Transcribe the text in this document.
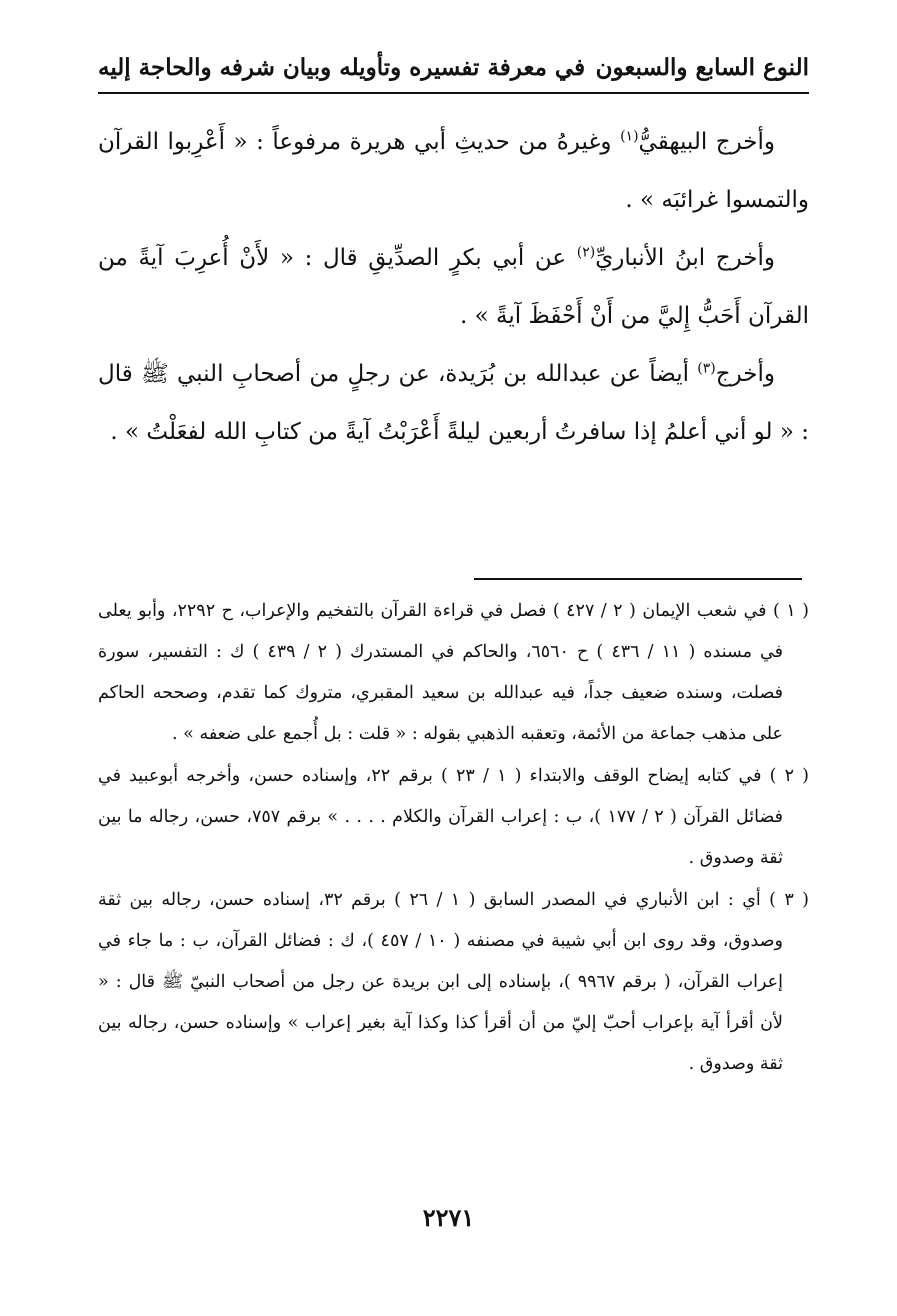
النوع السابع والسبعون
في معرفة تفسيره وتأويله وبيان شرفه والحاجة إليه

وأخرج البيهقيُّ$^{(١)}$ وغيرهُ من حديثِ أبي هريرة مرفوعاً : « أَعْرِبوا القرآن والتمسوا غرائبَه » .

وأخرج ابنُ الأنباريِّ$^{(٢)}$ عن أبي بكرٍ الصدِّيقِ قال : « لأَنْ أُعرِبَ آيةً من القرآن أَحَبُّ إِليَّ من أَنْ أَحْفَظَ آيةً » .

وأخرج$^{(٣)}$ أيضاً عن عبدالله بن بُرَيدة، عن رجلٍ من أصحابِ النبي ﷺ قال : « لو أني أعلمُ إذا سافرتُ أربعين ليلةً أَعْرَبْتُ آيةً من كتابِ الله لفعَلْتُ » .

( ١ ) في شعب الإيمان ( ٢ / ٤٢٧ ) فصل في قراءة القرآن بالتفخيم والإعراب، ح ٢٢٩٢، وأبو يعلى في مسنده ( ١١ / ٤٣٦ ) ح ٦٥٦٠، والحاكم في المستدرك ( ٢ / ٤٣٩ ) ك : التفسير، سورة فصلت، وسنده ضعيف جداً، فيه عبدالله بن سعيد المقبري، متروك كما تقدم، وصححه الحاكم على مذهب جماعة من الأئمة، وتعقبه الذهبي بقوله : « قلت : بل أُجمع على ضعفه » .

( ٢ ) في كتابه إيضاح الوقف والابتداء ( ١ / ٢٣ ) برقم ٢٢، وإسناده حسن، وأخرجه أبوعبيد في فضائل القرآن ( ٢ / ١٧٧ )، ب : إعراب القرآن والكلام . . . . » برقم ٧٥٧، حسن، رجاله ما بين ثقة وصدوق .

( ٣ ) أي : ابن الأنباري في المصدر السابق ( ١ / ٢٦ ) برقم ٣٢، إسناده حسن، رجاله بين ثقة وصدوق، وقد روى ابن أبي شيبة في مصنفه ( ١٠ / ٤٥٧ )، ك : فضائل القرآن، ب : ما جاء في إعراب القرآن، ( برقم ٩٩٦٧ )، بإسناده إلى ابن بريدة عن رجل من أصحاب النبيّ ﷺ قال : « لأن أقرأ آية بإعراب أحبّ إليّ من أن أقرأ كذا وكذا آية بغير إعراب » وإسناده حسن، رجاله بين ثقة وصدوق .

٢٢٧١
